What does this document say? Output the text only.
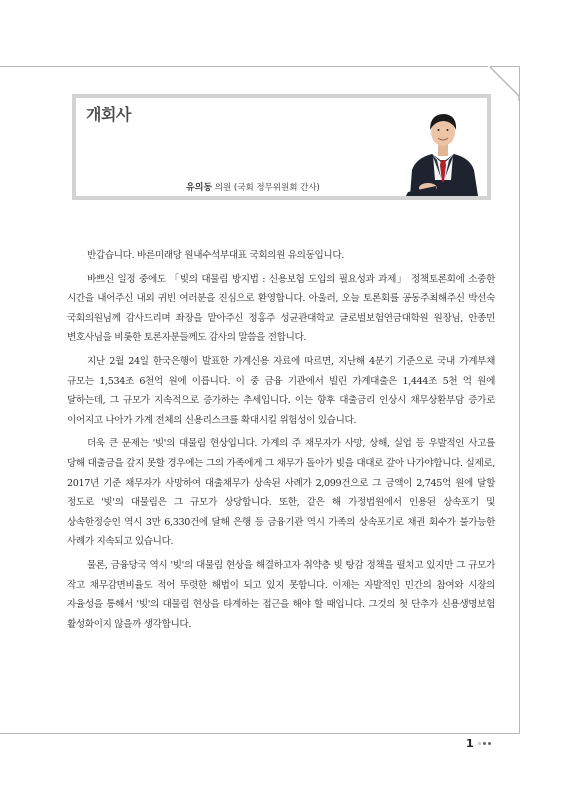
개회사
유의동 의원 (국회 정무위원회 간사)

반갑습니다. 바른미래당 원내수석부대표 국회의원 유의동입니다.

바쁘신 일정 중에도 「빚의 대물림 방지법 : 신용보험 도입의 필요성과 과제」 정책토론회에 소중한 시간을 내어주신 내외 귀빈 여러분을 진심으로 환영합니다. 아울러, 오늘 토론회를 공동주최해주신 박선숙 국회의원님께 감사드리며 좌장을 맡아주신 정홍주 성균관대학교 글로벌보험연금대학원 원장님, 안종민 변호사님을 비롯한 토론자분들께도 감사의 말씀을 전합니다.

지난 2월 24일 한국은행이 발표한 가계신용 자료에 따르면, 지난해 4분기 기준으로 국내 가계부채 규모는 1,534조 6천억 원에 이릅니다. 이 중 금융 기관에서 빌린 가계대출은 1,444조 5천 억 원에 달하는데, 그 규모가 지속적으로 증가하는 추세입니다. 이는 향후 대출금리 인상시 채무상환부담 증가로 이어지고 나아가 가계 전체의 신용리스크를 확대시킬 위험성이 있습니다.

더욱 큰 문제는 '빚'의 대물림 현상입니다. 가계의 주 채무자가 사망, 상해, 실업 등 우발적인 사고를 당해 대출금을 갚지 못할 경우에는 그의 가족에게 그 채무가 돌아가 빚을 대대로 갚아 나가야합니다. 실제로, 2017년 기준 채무자가 사망하여 대출채무가 상속된 사례가 2,099건으로 그 금액이 2,745억 원에 달할 정도로 '빚'의 대물림은 그 규모가 상당합니다. 또한, 같은 해 가정법원에서 인용된 상속포기 및 상속한정승인 역시 3만 6,330건에 달해 은행 등 금융기관 역시 가족의 상속포기로 채권 회수가 불가능한 사례가 지속되고 있습니다.

물론, 금융당국 역시 '빚'의 대물림 현상을 해결하고자 취약층 빚 탕감 정책을 펼치고 있지만 그 규모가 작고 채무감면비율도 적어 뚜렷한 해법이 되고 있지 못합니다. 이제는 자발적인 민간의 참여와 시장의 자율성을 통해서 '빚'의 대물림 현상을 타계하는 접근을 해야 할 때입니다. 그것의 첫 단추가 신용생명보험 활성화이지 않을까 생각합니다.

1
